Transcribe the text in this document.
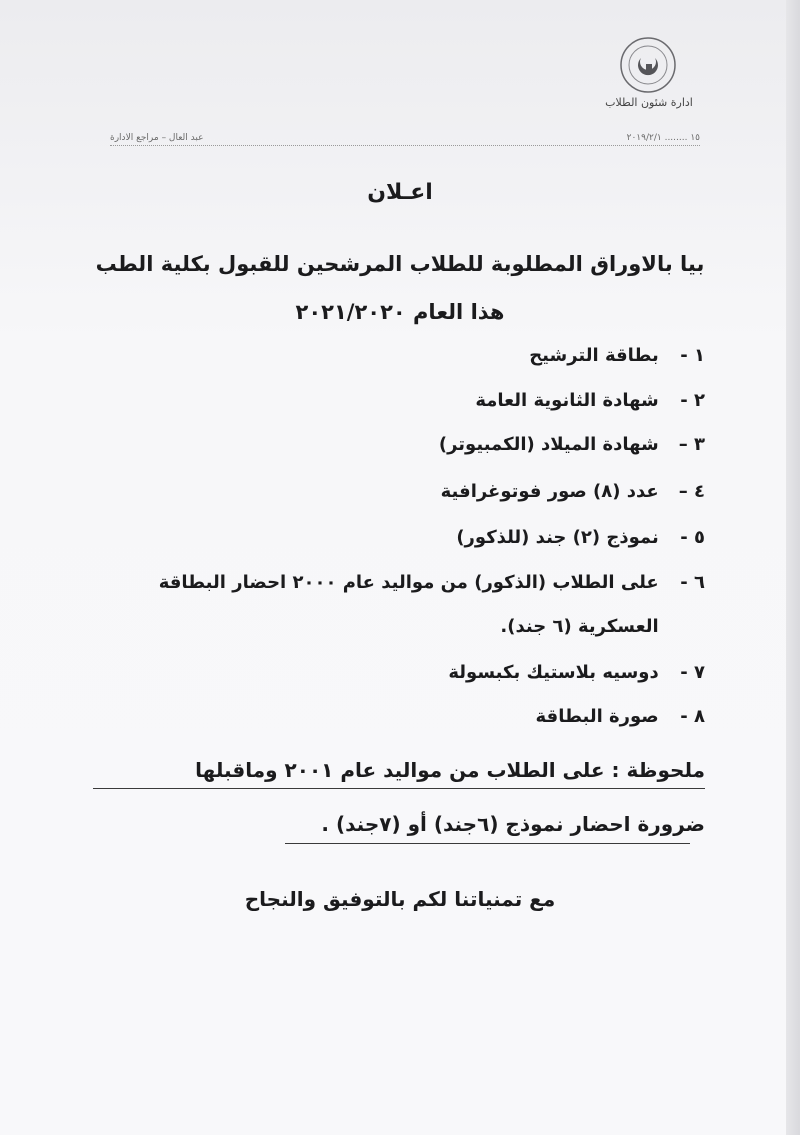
ادارة شئون الطلاب
١٥ ........ ٢٠١٩/٢/١
عبد العال – مراجع الادارة
اعـلان
بيا بالاوراق المطلوبة للطلاب المرشحين للقبول بكلية الطب
هذا العام ٢٠٢١/٢٠٢٠
١ - بطاقة الترشيح
٢ - شهادة الثانوية العامة
٣ – شهادة الميلاد (الكمبيوتر)
٤ – عدد (٨) صور فوتوغرافية
٥ - نموذج (٢) جند (للذكور)
٦ - على الطلاب (الذكور) من مواليد عام ٢٠٠٠ احضار البطاقة
العسكرية (٦ جند).
٧ - دوسيه بلاستيك بكبسولة
٨ - صورة البطاقة
ملحوظة : على الطلاب من مواليد عام ٢٠٠١ وماقبلها
ضرورة احضار نموذج (٦جند) أو (٧جند) .
مع تمنياتنا لكم بالتوفيق والنجاح
